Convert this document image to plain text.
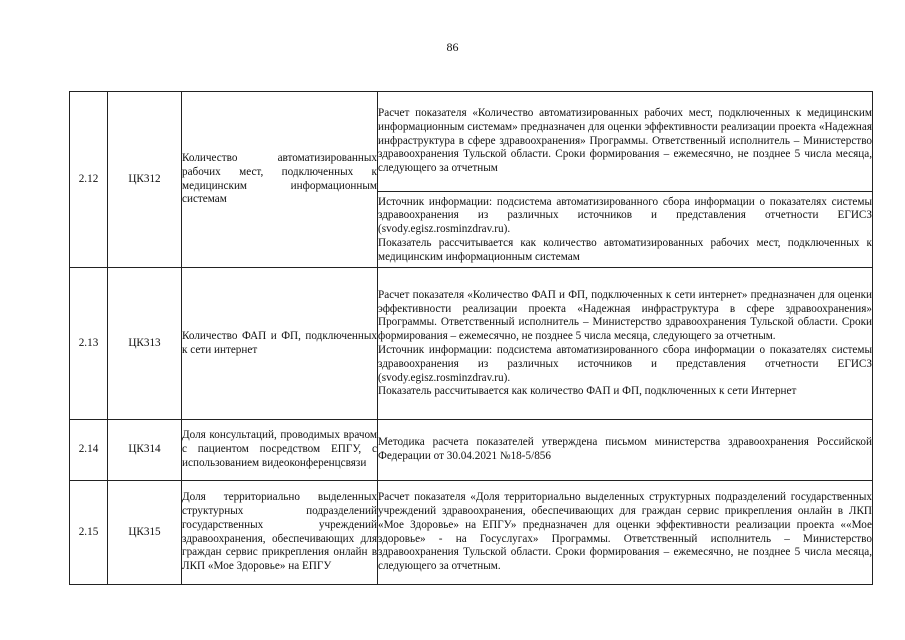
86
2.12	ЦК312	Количество автоматизированных рабочих мест, подключенных к медицинским информационным системам	Расчет показателя «Количество автоматизированных рабочих мест, подключенных к медицинским информационным системам» предназначен для оценки эффективности реализации проекта «Надежная инфраструктура в сфере здравоохранения» Программы. Ответственный исполнитель – Министерство здравоохранения Тульской области. Сроки формирования – ежемесячно, не позднее 5 числа месяца, следующего за отчетным

			Источник информации: подсистема автоматизированного сбора информации о показателях системы здравоохранения из различных источников и представления отчетности ЕГИСЗ (svody.egisz.rosminzdrav.ru).
Показатель рассчитывается как количество автоматизированных рабочих мест, подключенных к медицинским информационным системам

2.13	ЦК313	Количество ФАП и ФП, подключенных к сети интернет	Расчет показателя «Количество ФАП и ФП, подключенных к сети интернет» предназначен для оценки эффективности реализации проекта «Надежная инфраструктура в сфере здравоохранения» Программы. Ответственный исполнитель – Министерство здравоохранения Тульской области. Сроки формирования – ежемесячно, не позднее 5 числа месяца, следующего за отчетным.
Источник информации: подсистема автоматизированного сбора информации о показателях системы здравоохранения из различных источников и представления отчетности ЕГИСЗ (svody.egisz.rosminzdrav.ru).
Показатель рассчитывается как количество ФАП и ФП, подключенных к сети Интернет

2.14	ЦК314	Доля консультаций, проводимых врачом с пациентом посредством ЕПГУ, с использованием видеоконференцсвязи	Методика расчета показателей утверждена письмом министерства здравоохранения Российской Федерации от 30.04.2021 №18-5/856
2.15	ЦК315	Доля территориально выделенных структурных подразделений государственных учреждений здравоохранения, обеспечивающих для граждан сервис прикрепления онлайн в ЛКП «Мое Здоровье» на ЕПГУ	Расчет показателя «Доля территориально выделенных структурных подразделений государственных учреждений здравоохранения, обеспечивающих для граждан сервис прикрепления онлайн в ЛКП «Мое Здоровье» на ЕПГУ» предназначен для оценки эффективности реализации проекта ««Мое здоровье» - на Госуслугах» Программы. Ответственный исполнитель – Министерство здравоохранения Тульской области. Сроки формирования – ежемесячно, не позднее 5 числа месяца, следующего за отчетным.
